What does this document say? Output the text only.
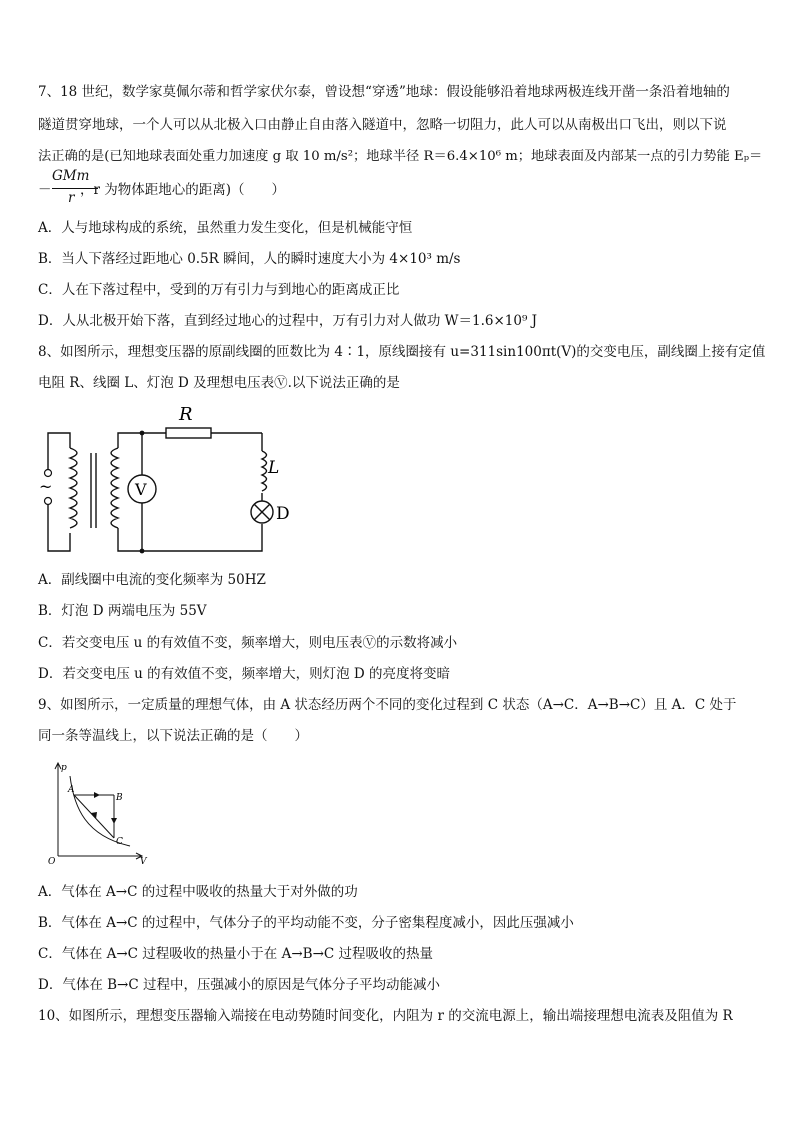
7、18 世纪，数学家莫佩尔蒂和哲学家伏尔泰，曾设想“穿透”地球：假设能够沿着地球两极连线开凿一条沿着地轴的
隧道贯穿地球，一个人可以从北极入口由静止自由落入隧道中，忽略一切阻力，此人可以从南极出口飞出，则以下说
法正确的是(已知地球表面处重力加速度 g 取 10 m/s²；地球半径 R＝6.4×10⁶ m；地球表面及内部某一点的引力势能 Eₚ＝
－
GMm
r ，r 为物体距地心的距离)（　　）
A．人与地球构成的系统，虽然重力发生变化，但是机械能守恒
B．当人下落经过距地心 0.5R 瞬间，人的瞬时速度大小为 4×10³ m/s
C．人在下落过程中，受到的万有引力与到地心的距离成正比
D．人从北极开始下落，直到经过地心的过程中，万有引力对人做功 W＝1.6×10⁹ J
8、如图所示，理想变压器的原副线圈的匝数比为 4∶1，原线圈接有 u=311sin100πt(V)的交变电压，副线圈上接有定值
电阻 R、线圈 L、灯泡 D 及理想电压表Ⓥ.以下说法正确的是
~
R
V
L
D
A．副线圈中电流的变化频率为 50HZ
B．灯泡 D 两端电压为 55V
C．若交变电压 u 的有效值不变，频率增大，则电压表Ⓥ的示数将减小
D．若交变电压 u 的有效值不变，频率增大，则灯泡 D 的亮度将变暗
9、如图所示，一定质量的理想气体，由 A 状态经历两个不同的变化过程到 C 状态（A→C．A→B→C）且 A．C 处于
同一条等温线上，以下说法正确的是（　　）
p
V
O
A
B
C
A．气体在 A→C 的过程中吸收的热量大于对外做的功
B．气体在 A→C 的过程中，气体分子的平均动能不变，分子密集程度减小，因此压强减小
C．气体在 A→C 过程吸收的热量小于在 A→B→C 过程吸收的热量
D．气体在 B→C 过程中，压强减小的原因是气体分子平均动能减小
10、如图所示，理想变压器输入端接在电动势随时间变化，内阻为 r 的交流电源上，输出端接理想电流表及阻值为 R
